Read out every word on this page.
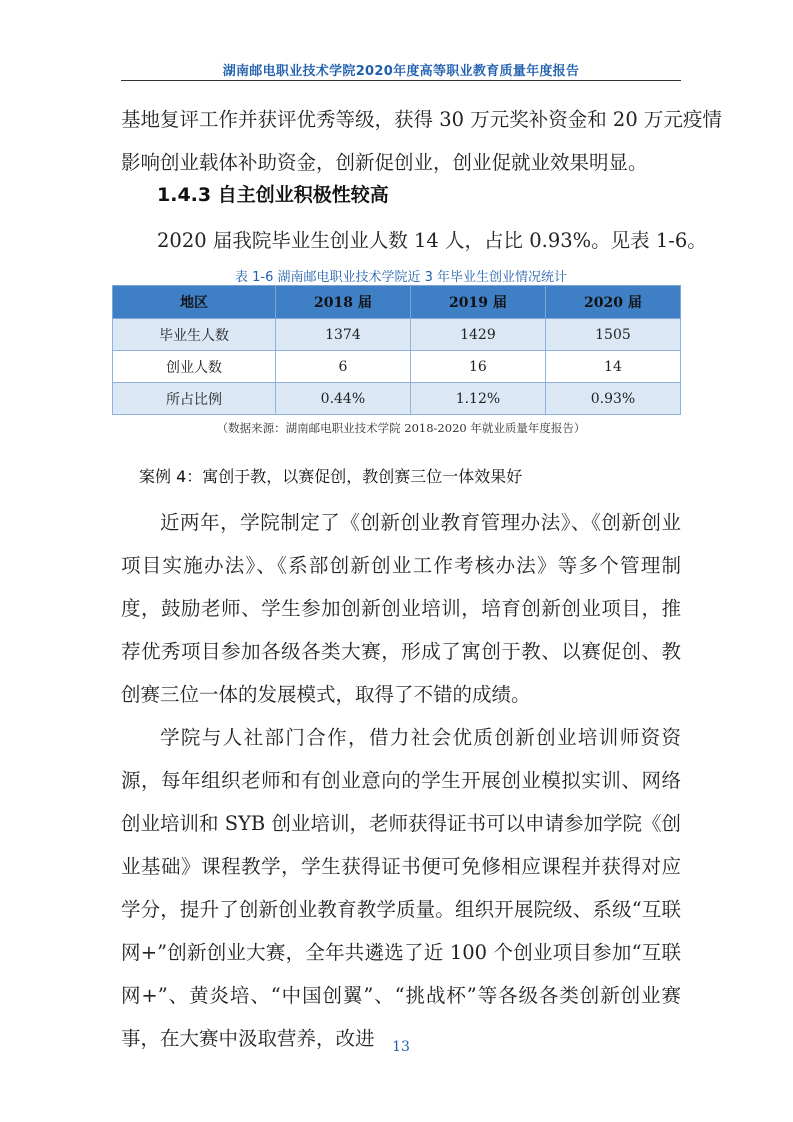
湖南邮电职业技术学院2020年度高等职业教育质量年度报告
基地复评工作并获评优秀等级，获得 30 万元奖补资金和 20 万元疫情
影响创业载体补助资金，创新促创业，创业促就业效果明显。
1.4.3 自主创业积极性较高
2020 届我院毕业生创业人数 14 人，占比 0.93%。见表 1-6。
表 1-6 湖南邮电职业技术学院近 3 年毕业生创业情况统计
地区	2018 届	2019 届	2020 届
毕业生人数	1374	1429	1505
创业人数	6	16	14
所占比例	0.44%	1.12%	0.93%
（数据来源：湖南邮电职业技术学院 2018-2020 年就业质量年度报告）
案例 4：寓创于教，以赛促创，教创赛三位一体效果好

近两年，学院制定了《创新创业教育管理办法》、《创新创业项目实施办法》、《系部创新创业工作考核办法》等多个管理制度，鼓励老师、学生参加创新创业培训，培育创新创业项目，推荐优秀项目参加各级各类大赛，形成了寓创于教、以赛促创、教创赛三位一体的发展模式，取得了不错的成绩。

学院与人社部门合作，借力社会优质创新创业培训师资资源，每年组织老师和有创业意向的学生开展创业模拟实训、网络创业培训和 SYB 创业培训，老师获得证书可以申请参加学院《创业基础》课程教学，学生获得证书便可免修相应课程并获得对应学分，提升了创新创业教育教学质量。组织开展院级、系级“互联网+”创新创业大赛，全年共遴选了近 100 个创业项目参加“互联网+”、黄炎培、“中国创翼”、“挑战杯”等各级各类创新创业赛事，在大赛中汲取营养，改进	13
